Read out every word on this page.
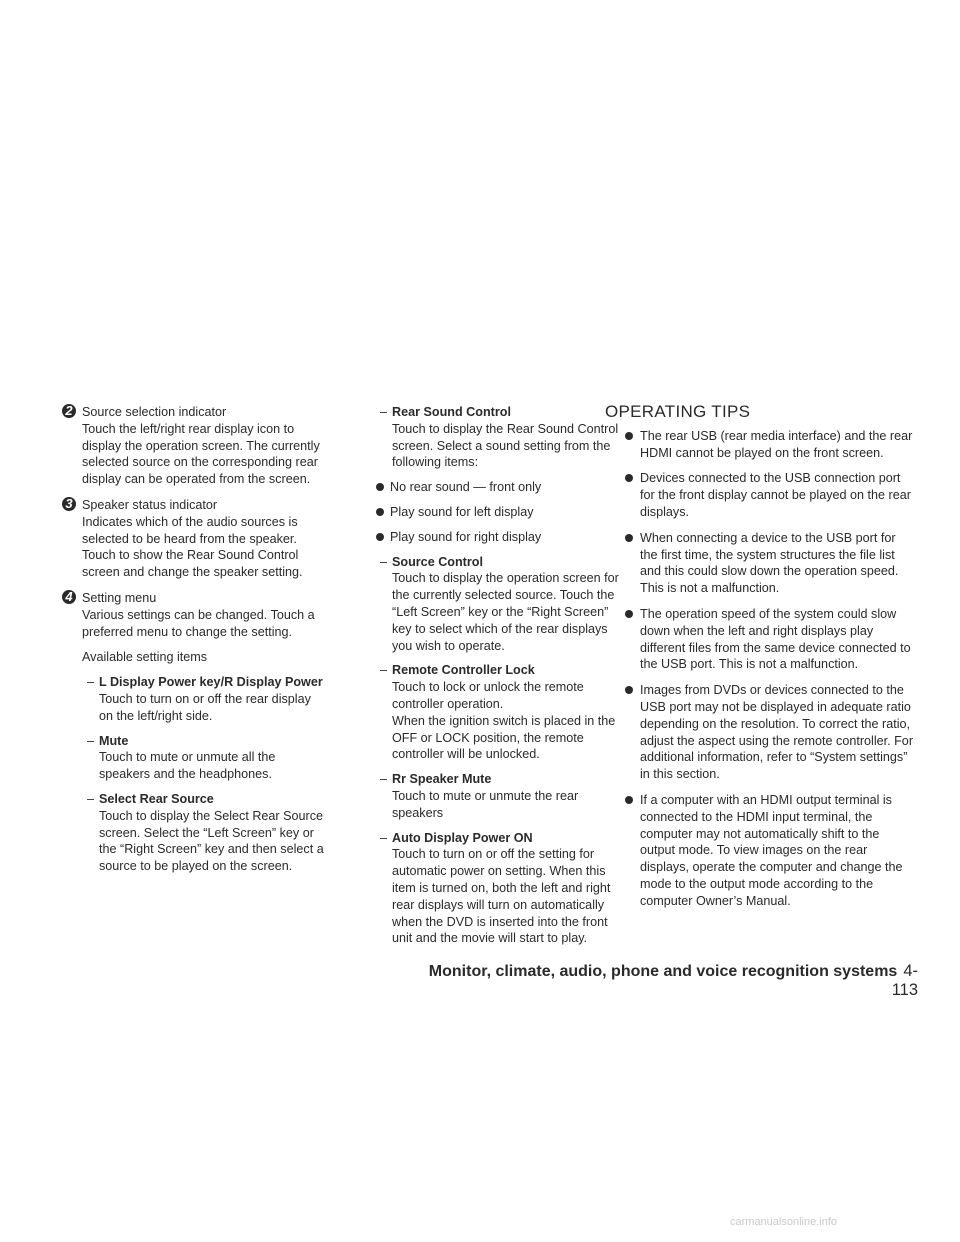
2 Source selection indicator
Touch the left/right rear display icon to display the operation screen. The currently selected source on the corresponding rear display can be operated from the screen.
3 Speaker status indicator
Indicates which of the audio sources is selected to be heard from the speaker. Touch to show the Rear Sound Control screen and change the speaker setting.
4 Setting menu
Various settings can be changed. Touch a preferred menu to change the setting.
Available setting items
– L Display Power key/R Display Power
Touch to turn on or off the rear display on the left/right side.
– Mute
Touch to mute or unmute all the speakers and the headphones.
– Select Rear Source
Touch to display the Select Rear Source screen. Select the “Left Screen” key or the “Right Screen” key and then select a source to be played on the screen.
– Rear Sound Control
Touch to display the Rear Sound Control screen. Select a sound setting from the following items:
No rear sound — front only
Play sound for left display
Play sound for right display
– Source Control
Touch to display the operation screen for the currently selected source. Touch the “Left Screen” key or the “Right Screen” key to select which of the rear displays you wish to operate.
– Remote Controller Lock
Touch to lock or unlock the remote controller operation.
When the ignition switch is placed in the OFF or LOCK position, the remote controller will be unlocked.
– Rr Speaker Mute
Touch to mute or unmute the rear speakers
– Auto Display Power ON
Touch to turn on or off the setting for automatic power on setting. When this item is turned on, both the left and right rear displays will turn on automatically when the DVD is inserted into the front unit and the movie will start to play.
OPERATING TIPS
The rear USB (rear media interface) and the rear HDMI cannot be played on the front screen.
Devices connected to the USB connection port for the front display cannot be played on the rear displays.
When connecting a device to the USB port for the first time, the system structures the file list and this could slow down the operation speed. This is not a malfunction.
The operation speed of the system could slow down when the left and right displays play different files from the same device connected to the USB port. This is not a malfunction.
Images from DVDs or devices connected to the USB port may not be displayed in adequate ratio depending on the resolution. To correct the ratio, adjust the aspect using the remote controller. For additional information, refer to “System settings” in this section.
If a computer with an HDMI output terminal is connected to the HDMI input terminal, the computer may not automatically shift to the output mode. To view images on the rear displays, operate the computer and change the mode to the output mode according to the computer Owner’s Manual.
Monitor, climate, audio, phone and voice recognition systems 4-113
carmanualsonline.info
